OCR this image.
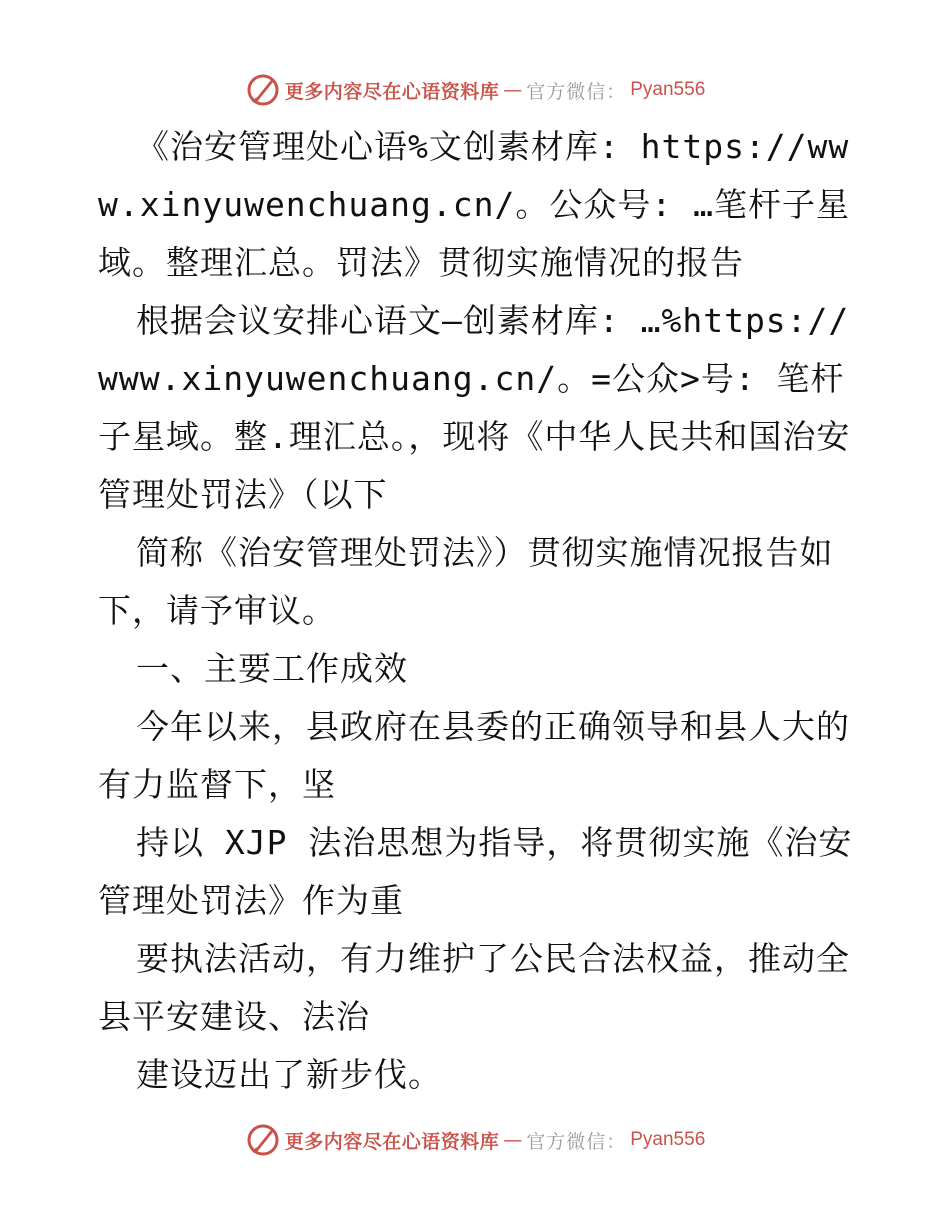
更多内容尽在心语资料库 — 官方微信： Pyan556

《治安管理处心语%文创素材库: https://www.xinyuwenchuang.cn/。公众号: …笔杆子星域。整理汇总。罚法》贯彻实施情况的报告

根据会议安排心语文—创素材库: …%https://www.xinyuwenchuang.cn/。=公众>号: 笔杆子星域。整.理汇总。，现将《中华人民共和国治安管理处罚法》（以下

简称《治安管理处罚法》）贯彻实施情况报告如下，请予审议。

一、主要工作成效

今年以来，县政府在县委的正确领导和县人大的有力监督下，坚

持以 XJP 法治思想为指导，将贯彻实施《治安管理处罚法》作为重

要执法活动，有力维护了公民合法权益，推动全县平安建设、法治

建设迈出了新步伐。

更多内容尽在心语资料库 — 官方微信： Pyan556
